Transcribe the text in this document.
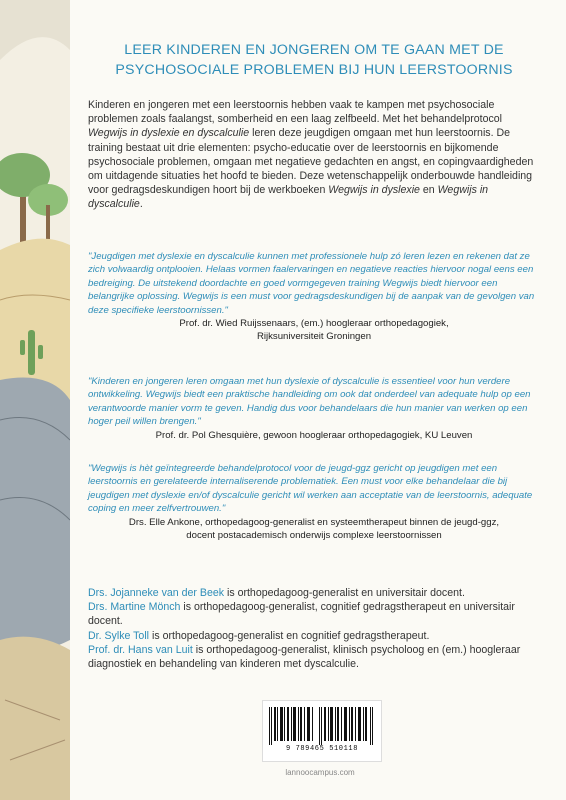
LEER KINDEREN EN JONGEREN OM TE GAAN MET DE
PSYCHOSOCIALE PROBLEMEN BIJ HUN LEERSTOORNIS
Kinderen en jongeren met een leerstoornis hebben vaak te kampen met psychosociale problemen zoals faalangst, somberheid en een laag zelfbeeld. Met het behandelprotocol Wegwijs in dyslexie en dyscalculie leren deze jeugdigen omgaan met hun leerstoornis. De training bestaat uit drie elementen: psycho-educatie over de leerstoornis en bijkomende psychosociale problemen, omgaan met negatieve gedachten en angst, en copingvaardigheden om uitdagende situaties het hoofd te bieden. Deze wetenschappelijk onderbouwde handleiding voor gedragsdeskundigen hoort bij de werkboeken Wegwijs in dyslexie en Wegwijs in dyscalculie.
"Jeugdigen met dyslexie en dyscalculie kunnen met professionele hulp zó leren lezen en rekenen dat ze zich volwaardig ontplooien. Helaas vormen faalervaringen en negatieve reacties hiervoor nogal eens een bedreiging. De uitstekend doordachte en goed vormgegeven training Wegwijs biedt hiervoor een belangrijke oplossing. Wegwijs is een must voor gedragsdeskundigen bij de aanpak van de gevolgen van deze specifieke leerstoornissen."
Prof. dr. Wied Ruijssenaars, (em.) hoogleraar orthopedagogiek,
Rijksuniversiteit Groningen
"Kinderen en jongeren leren omgaan met hun dyslexie of dyscalculie is essentieel voor hun verdere ontwikkeling. Wegwijs biedt een praktische handleiding om ook dat onderdeel van adequate hulp op een verantwoorde manier vorm te geven. Handig dus voor behandelaars die hun manier van werken op een hoger peil willen brengen."
Prof. dr. Pol Ghesquière, gewoon hoogleraar orthopedagogiek, KU Leuven
"Wegwijs is hèt geïntegreerde behandelprotocol voor de jeugd-ggz gericht op jeugdigen met een leerstoornis en gerelateerde internaliserende problematiek. Een must voor elke behandelaar die bij jeugdigen met dyslexie en/of dyscalculie gericht wil werken aan acceptatie van de leerstoornis, adequate coping en meer zelfvertrouwen."
Drs. Elle Ankone, orthopedagoog-generalist en systeemtherapeut binnen de jeugd-ggz,
docent postacademisch onderwijs complexe leerstoornissen
Drs. Jojanneke van der Beek is orthopedagoog-generalist en universitair docent.
Drs. Martine Mönch is orthopedagoog-generalist, cognitief gedragstherapeut en universitair docent.
Dr. Sylke Toll is orthopedagoog-generalist en cognitief gedragstherapeut.
Prof. dr. Hans van Luit is orthopedagoog-generalist, klinisch psycholoog en (em.) hoogleraar diagnostiek en behandeling van kinderen met dyscalculie.
9 789465 510118
lannoocampus.com
